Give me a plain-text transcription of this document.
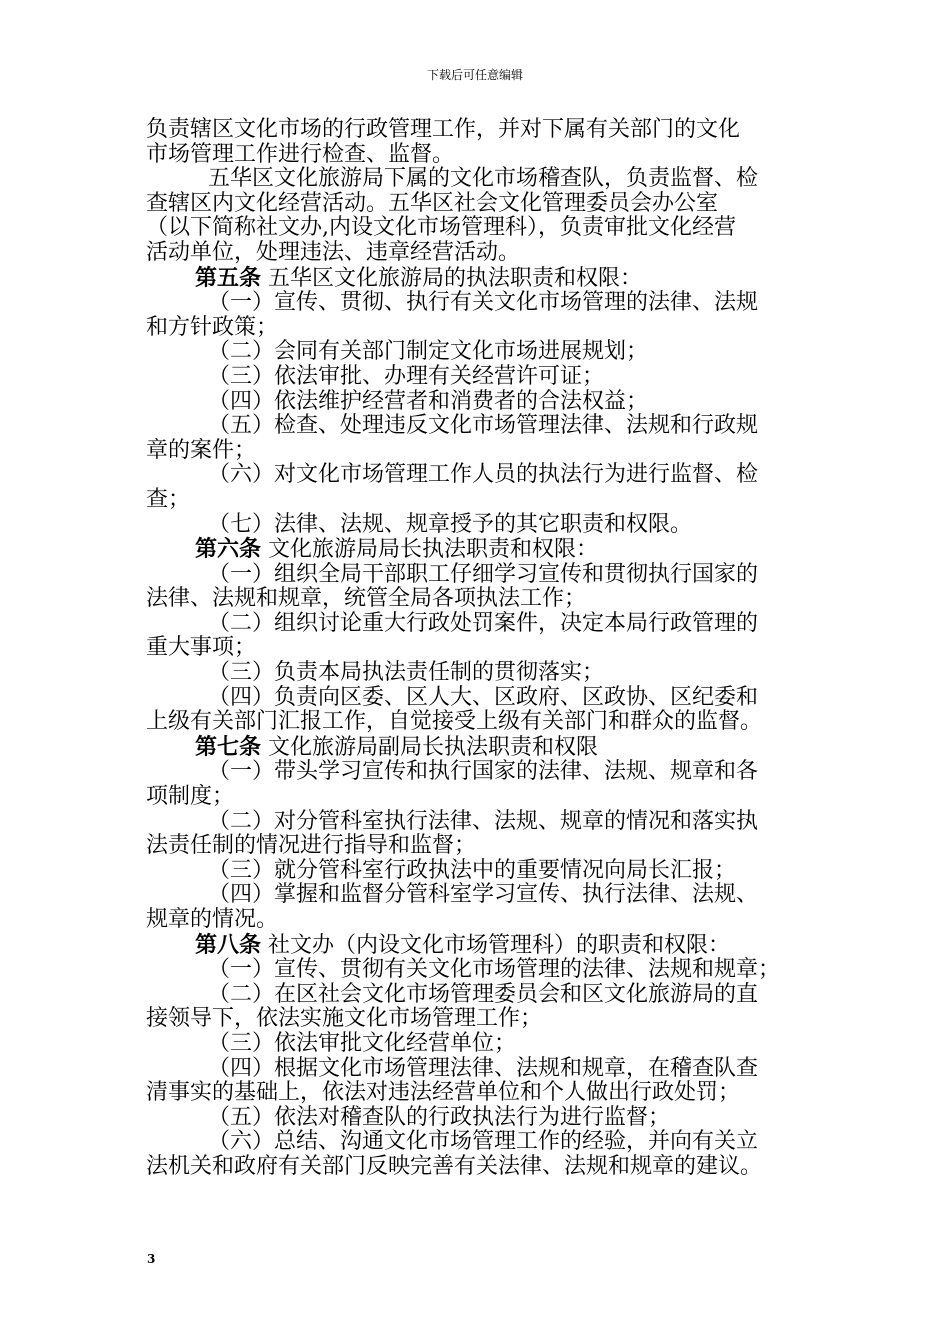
下载后可任意编辑
负责辖区文化市场的行政管理工作，并对下属有关部门的文化
市场管理工作进行检查、监督。
五华区文化旅游局下属的文化市场稽查队，负责监督、检
查辖区内文化经营活动。五华区社会文化管理委员会办公室
（以下简称社文办,内设文化市场管理科），负责审批文化经营
活动单位，处理违法、违章经营活动。
第五条 五华区文化旅游局的执法职责和权限：
（一）宣传、贯彻、执行有关文化市场管理的法律、法规
和方针政策；
（二）会同有关部门制定文化市场进展规划；
（三）依法审批、办理有关经营许可证；
（四）依法维护经营者和消费者的合法权益；
（五）检查、处理违反文化市场管理法律、法规和行政规
章的案件；
（六）对文化市场管理工作人员的执法行为进行监督、检
查；
（七）法律、法规、规章授予的其它职责和权限。
第六条 文化旅游局局长执法职责和权限：
（一）组织全局干部职工仔细学习宣传和贯彻执行国家的
法律、法规和规章，统管全局各项执法工作；
（二）组织讨论重大行政处罚案件，决定本局行政管理的
重大事项；
（三）负责本局执法责任制的贯彻落实；
（四）负责向区委、区人大、区政府、区政协、区纪委和
上级有关部门汇报工作，自觉接受上级有关部门和群众的监督。
第七条 文化旅游局副局长执法职责和权限
（一）带头学习宣传和执行国家的法律、法规、规章和各
项制度；
（二）对分管科室执行法律、法规、规章的情况和落实执
法责任制的情况进行指导和监督；
（三）就分管科室行政执法中的重要情况向局长汇报；
（四）掌握和监督分管科室学习宣传、执行法律、法规、
规章的情况。
第八条 社文办（内设文化市场管理科）的职责和权限：
（一）宣传、贯彻有关文化市场管理的法律、法规和规章；
（二）在区社会文化市场管理委员会和区文化旅游局的直
接领导下，依法实施文化市场管理工作；
（三）依法审批文化经营单位；
（四）根据文化市场管理法律、法规和规章，在稽查队查
清事实的基础上，依法对违法经营单位和个人做出行政处罚；
（五）依法对稽查队的行政执法行为进行监督；
（六）总结、沟通文化市场管理工作的经验，并向有关立
法机关和政府有关部门反映完善有关法律、法规和规章的建议。
3
